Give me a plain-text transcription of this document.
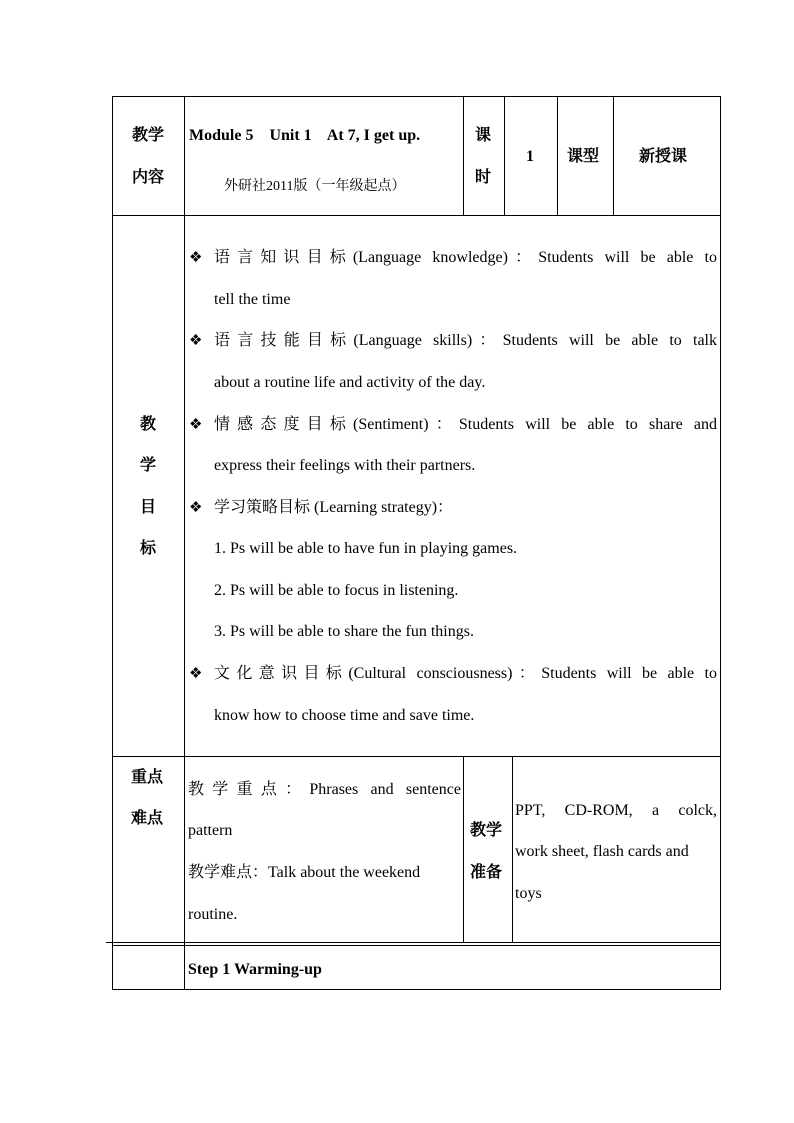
教学
内容
Module 5    Unit 1    At 7, I get up.
外研社2011版（一年级起点）
课
时
1 课型 新授课
教
学
目
标
❖ 语言知识目标(Language knowledge)：Students will be able to
tell the time
❖ 语言技能目标(Language skills)：Students will be able to talk
about a routine life and activity of the day.
❖ 情感态度目标(Sentiment)：Students will be able to share and
express their feelings with their partners.
❖ 学习策略目标 (Learning strategy)：
1. Ps will be able to have fun in playing games.
2. Ps will be able to focus in listening.
3. Ps will be able to share the fun things.
❖ 文化意识目标(Cultural consciousness)：Students will be able to
know how to choose time and save time.
重点
难点
教学重点：Phrases and sentence
pattern
教学难点：Talk about the weekend
routine.
教学
准备
PPT, CD-ROM, a colck,
work sheet, flash cards and
toys
Step 1 Warming-up
